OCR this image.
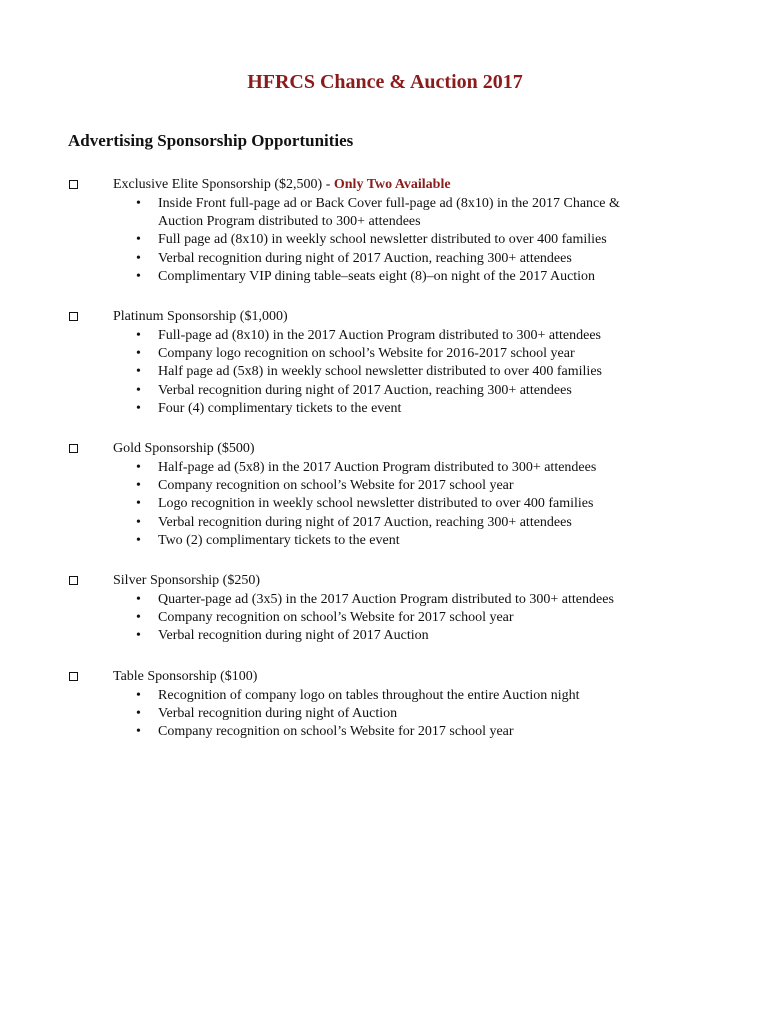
HFRCS Chance & Auction 2017
Advertising Sponsorship Opportunities
Exclusive Elite Sponsorship ($2,500) - Only Two Available
• Inside Front full-page ad or Back Cover full-page ad (8x10) in the 2017 Chance & Auction Program distributed to 300+ attendees
• Full page ad (8x10) in weekly school newsletter distributed to over 400 families
• Verbal recognition during night of 2017 Auction, reaching 300+ attendees
• Complimentary VIP dining table–seats eight (8)–on night of the 2017 Auction
Platinum Sponsorship ($1,000)
• Full-page ad (8x10) in the 2017 Auction Program distributed to 300+ attendees
• Company logo recognition on school’s Website for 2016-2017 school year
• Half page ad (5x8) in weekly school newsletter distributed to over 400 families
• Verbal recognition during night of 2017 Auction, reaching 300+ attendees
• Four (4) complimentary tickets to the event
Gold Sponsorship ($500)
• Half-page ad (5x8) in the 2017 Auction Program distributed to 300+ attendees
• Company recognition on school’s Website for 2017 school year
• Logo recognition in weekly school newsletter distributed to over 400 families
• Verbal recognition during night of 2017 Auction, reaching 300+ attendees
• Two (2) complimentary tickets to the event
Silver Sponsorship ($250)
• Quarter-page ad (3x5) in the 2017 Auction Program distributed to 300+ attendees
• Company recognition on school’s Website for 2017 school year
• Verbal recognition during night of 2017 Auction
Table Sponsorship ($100)
• Recognition of company logo on tables throughout the entire Auction night
• Verbal recognition during night of Auction
• Company recognition on school’s Website for 2017 school year
